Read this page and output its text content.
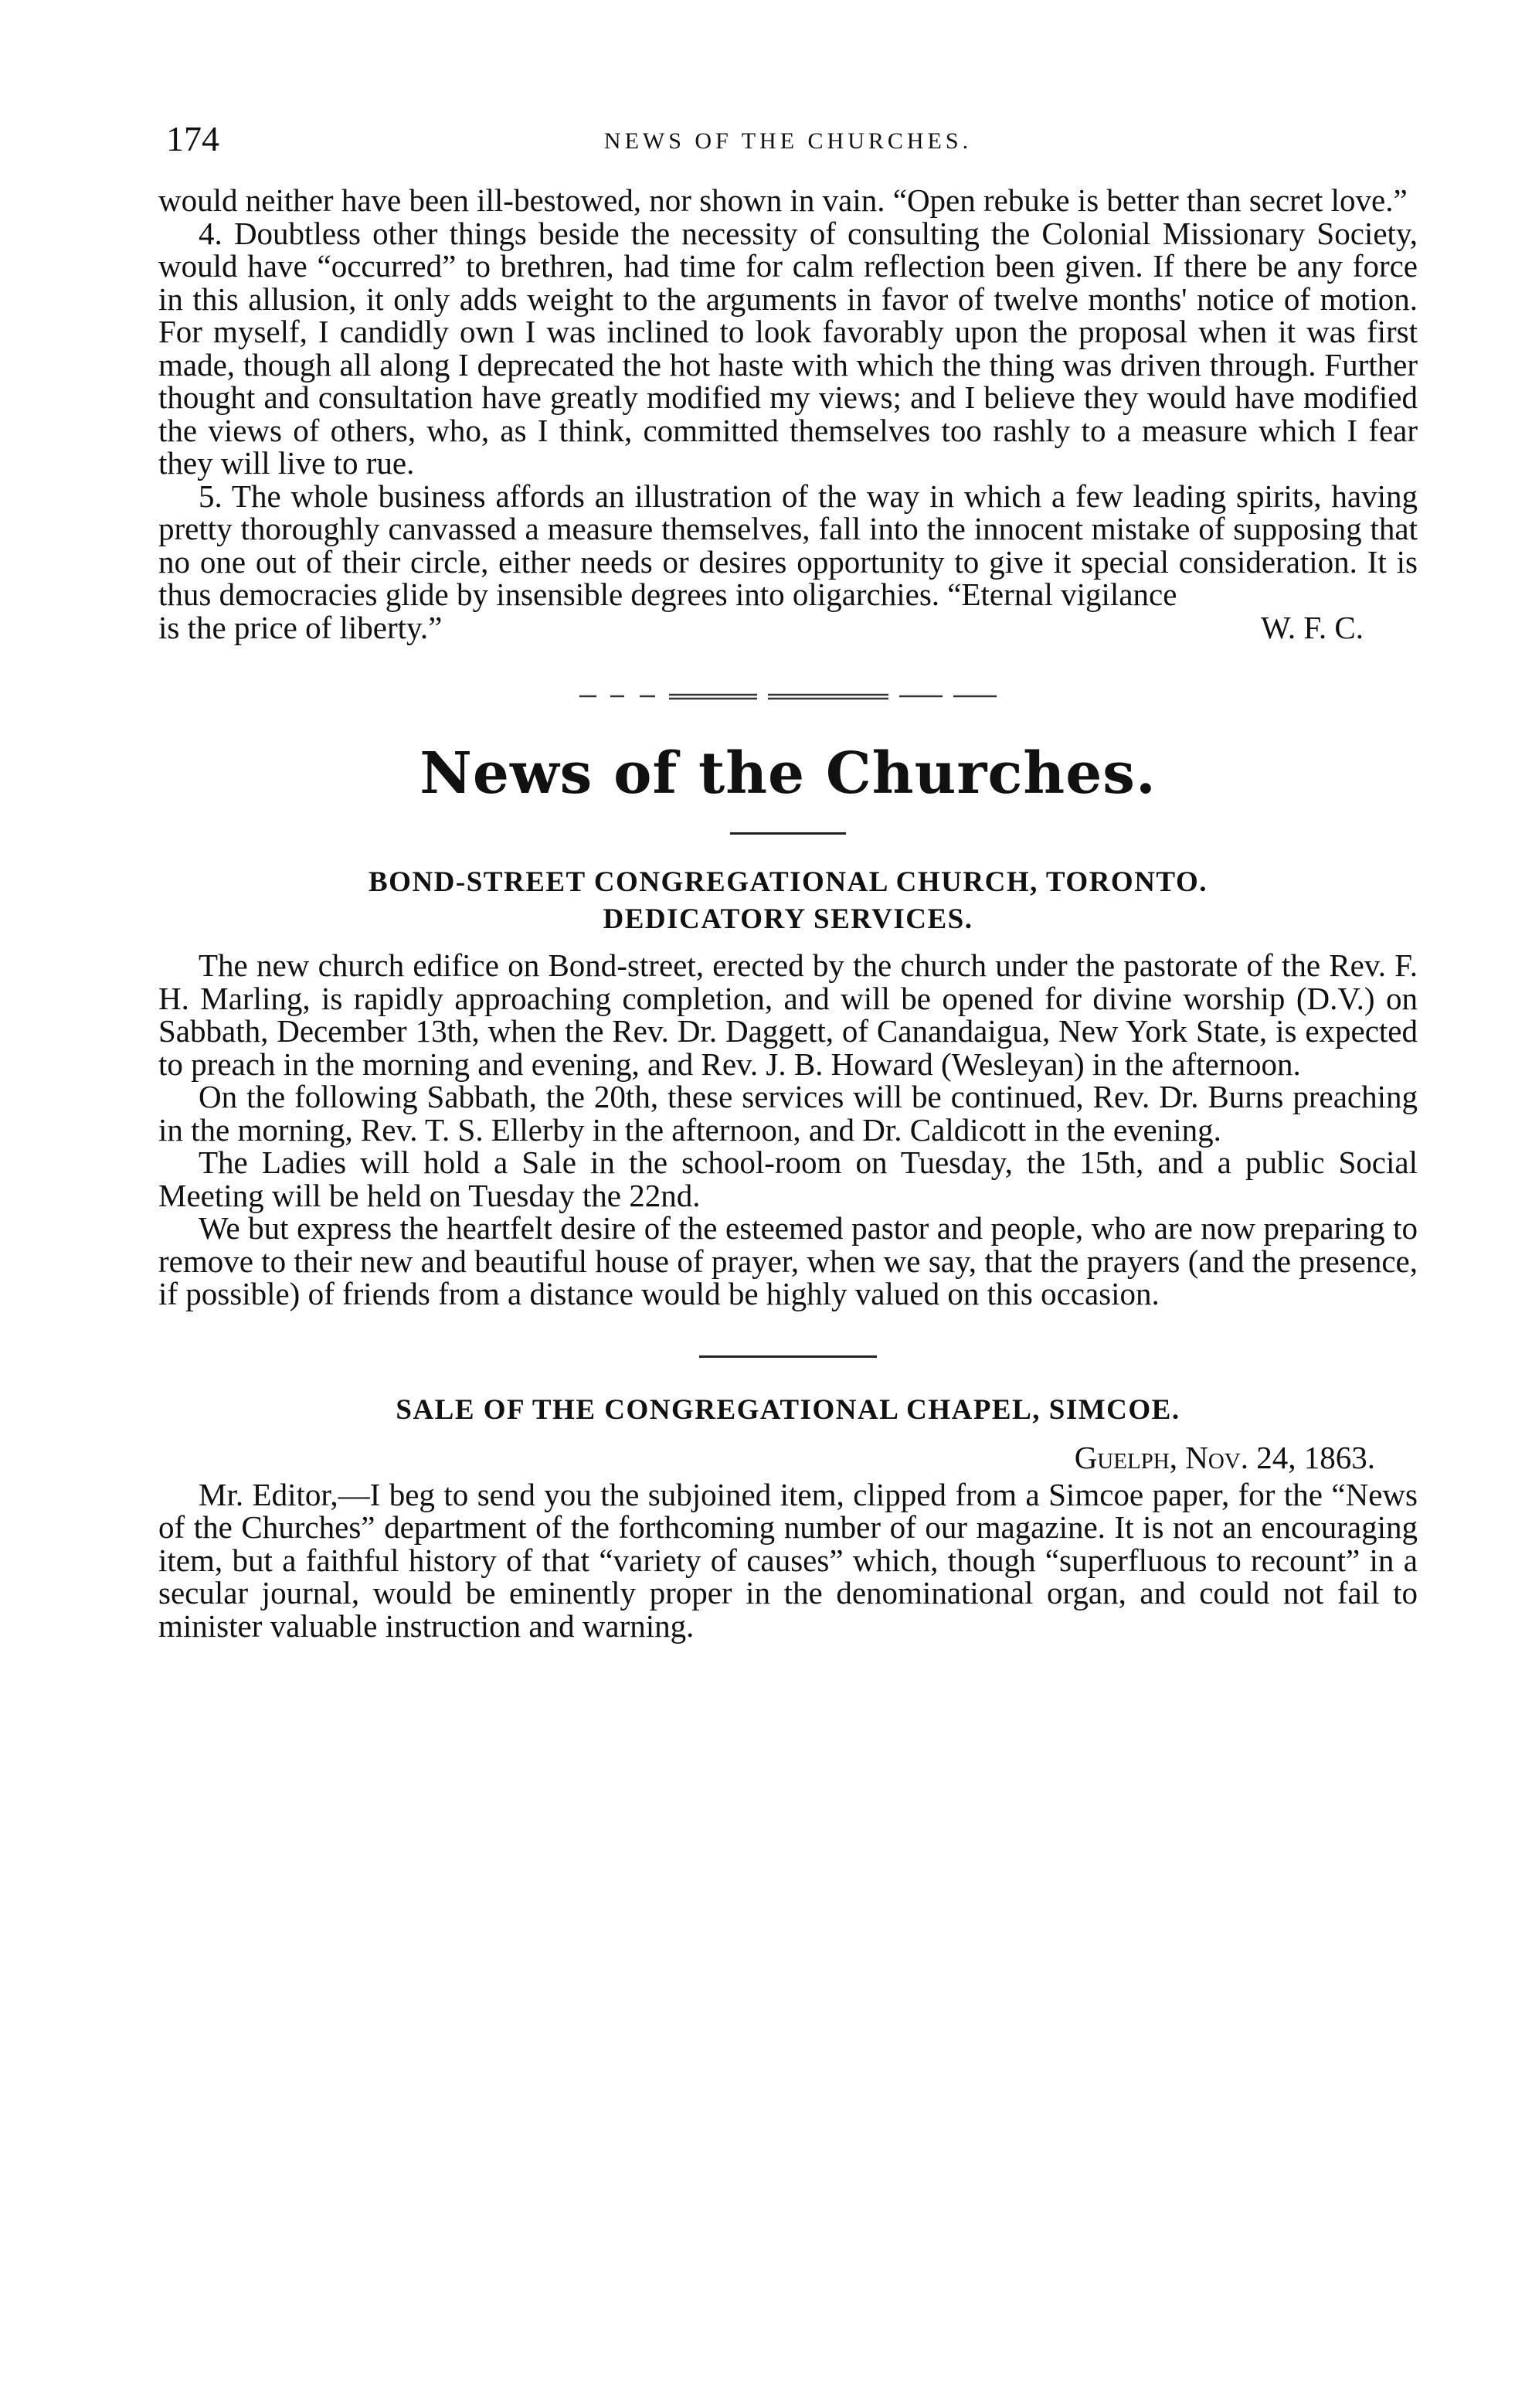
174	NEWS OF THE CHURCHES.

would neither have been ill-bestowed, nor shown in vain. “Open rebuke is better than secret love.”

4. Doubtless other things beside the necessity of consulting the Colonial Missionary Society, would have “occurred” to brethren, had time for calm reflection been given. If there be any force in this allusion, it only adds weight to the arguments in favor of twelve months' notice of motion. For myself, I candidly own I was inclined to look favorably upon the proposal when it was first made, though all along I deprecated the hot haste with which the thing was driven through. Further thought and consultation have greatly modified my views; and I believe they would have modified the views of others, who, as I think, committed themselves too rashly to a measure which I fear they will live to rue.

5. The whole business affords an illustration of the way in which a few leading spirits, having pretty thoroughly canvassed a measure themselves, fall into the innocent mistake of supposing that no one out of their circle, either needs or desires opportunity to give it special consideration. It is thus democracies glide by insensible degrees into oligarchies. “Eternal vigilance

is the price of liberty.”	W. F. C.
News of the Churches.
BOND-STREET CONGREGATIONAL CHURCH, TORONTO.
DEDICATORY SERVICES.

The new church edifice on Bond-street, erected by the church under the pastorate of the Rev. F. H. Marling, is rapidly approaching completion, and will be opened for divine worship (D.V.) on Sabbath, December 13th, when the Rev. Dr. Daggett, of Canandaigua, New York State, is expected to preach in the morning and evening, and Rev. J. B. Howard (Wesleyan) in the afternoon.

On the following Sabbath, the 20th, these services will be continued, Rev. Dr. Burns preaching in the morning, Rev. T. S. Ellerby in the afternoon, and Dr. Caldicott in the evening.

The Ladies will hold a Sale in the school-room on Tuesday, the 15th, and a public Social Meeting will be held on Tuesday the 22nd.

We but express the heartfelt desire of the esteemed pastor and people, who are now preparing to remove to their new and beautiful house of prayer, when we say, that the prayers (and the presence, if possible) of friends from a distance would be highly valued on this occasion.

SALE OF THE CONGREGATIONAL CHAPEL, SIMCOE.
Guelph, Nov. 24, 1863.

Mr. Editor,—I beg to send you the subjoined item, clipped from a Simcoe paper, for the “News of the Churches” department of the forthcoming number of our magazine. It is not an encouraging item, but a faithful history of that “variety of causes” which, though “superfluous to recount” in a secular journal, would be eminently proper in the denominational organ, and could not fail to minister valuable instruction and warning.
